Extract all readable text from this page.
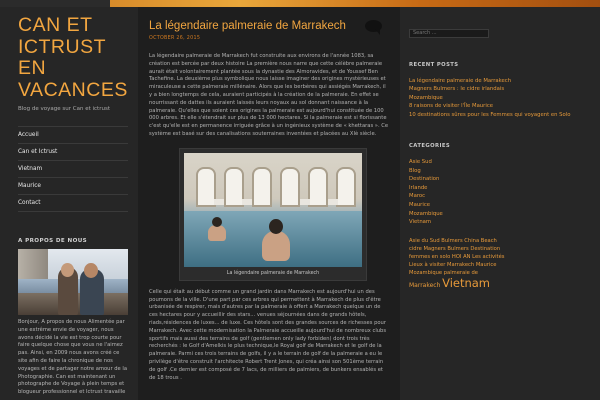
CAN ET ICTRUST EN VACANCES
Blog de voyage sur Can et ictrust
Accueil
Can et Ictrust
Vietnam
Maurice
Contact
A PROPOS DE NOUS
Bonjour, A propos de nous Alimentée par une extrême envie de voyager, nous avons décidé la vie est trop courte pour faire quelque chose que vous ne l'aimez pas. Ainsi, en 2009 nous avons créé ce site afin de faire la chronique de nos voyages et de partager notre amour de la Photographie. Can est maintenant un photographe de Voyage à plein temps et blogueur professionnel et Ictrust travaille
La légendaire palmeraie de Marrakech
OCTOBER 26, 2015
La légendaire palmeraie de Marrakech fut construite aux environs de l'année 1083, sa création est bercée par deux histoire La première nous narre que cette célèbre palmeraie aurait était volontairement plantée sous la dynastie des Almoravides, et de Youssef Ben Tachefine. La deuxième plus symbolique nous laisse imaginer des origines mystérieuses et miraculeuse a cette palmeraie millénaire. Alors que les berbères qui assiégés Marrakech, il y a bien longtemps de cela, auraient participés à la création de la palmeraie. En effet se nourrissant de dattes ils auraient laissés leurs noyaux au sol donnant naissance à la palmeraie. Qu'elles que soient ces origines la palmeraie est aujourd'hui constituée de 100 000 arbres. Et elle s'étendrait sur plus de 13 000 hectares. Si la palmeraie est si florissante c'est qu'elle est en permanence irriguée grâce à un ingénieux système de « khettaras ». Ce système est basé sur des canalisations souterraines inventées et placées au XIè siècle.
La légendaire palmeraie de Marrakech
Celle qui était au début comme un grand jardin dans Marrakech est aujourd'hui un des poumons de la ville. D'une part par ces arbres qui permettent à Marrakech de plus d'être urbanisée de respirer, mais d'autres par la palmeraie à offert a Marrakech quelque un de ces hectares pour y accueillir des stars... venues séjournées dans de grands hôtels, riads,résidences de luxes... de luxe. Ces hôtels sont des grandes sources de richesses pour Marrakech. Avec cette modernisation la Palmeraie accueille aujourd'hui de nombreux clubs sportifs mais aussi des terrains de golf (gentlemen only lady forbiden) dont trois très recherchés : le Golf d'Amelkis le plus technique,le Royal golf de Marrakech et le golf de la palmeraie. Parmi ces trois terrains de golfs, il y a le terrain de golf de la palmeraie a eu le privilège d'être construit l'architecte Robert Trent Jones, qui créa ainsi son 501ème terrain de golf .Ce dernier est composé de 7 lacs, de milliers de palmiers, de bunkers ensablés et de 18 trous .
Search ...
RECENT POSTS
La légendaire palmeraie de Marrakech
Magners Bulmers : le cidre irlandais
Mozambique
8 raisons de visiter l'Île Maurice
10 destinations sûres pour les Femmes qui voyagent en Solo
CATEGORIES
Asie Sud
Blog
Destination
Irlande
Maroc
Maurice
Mozambique
Vietnam
Asie du Sud Bulmers China Beach cidre Magners Bulmers Destination femmes en solo HOI AN Les activités Lieux à visiter Marrakech Maurice Mozambique palmeraie de Marrakech Vietnam
